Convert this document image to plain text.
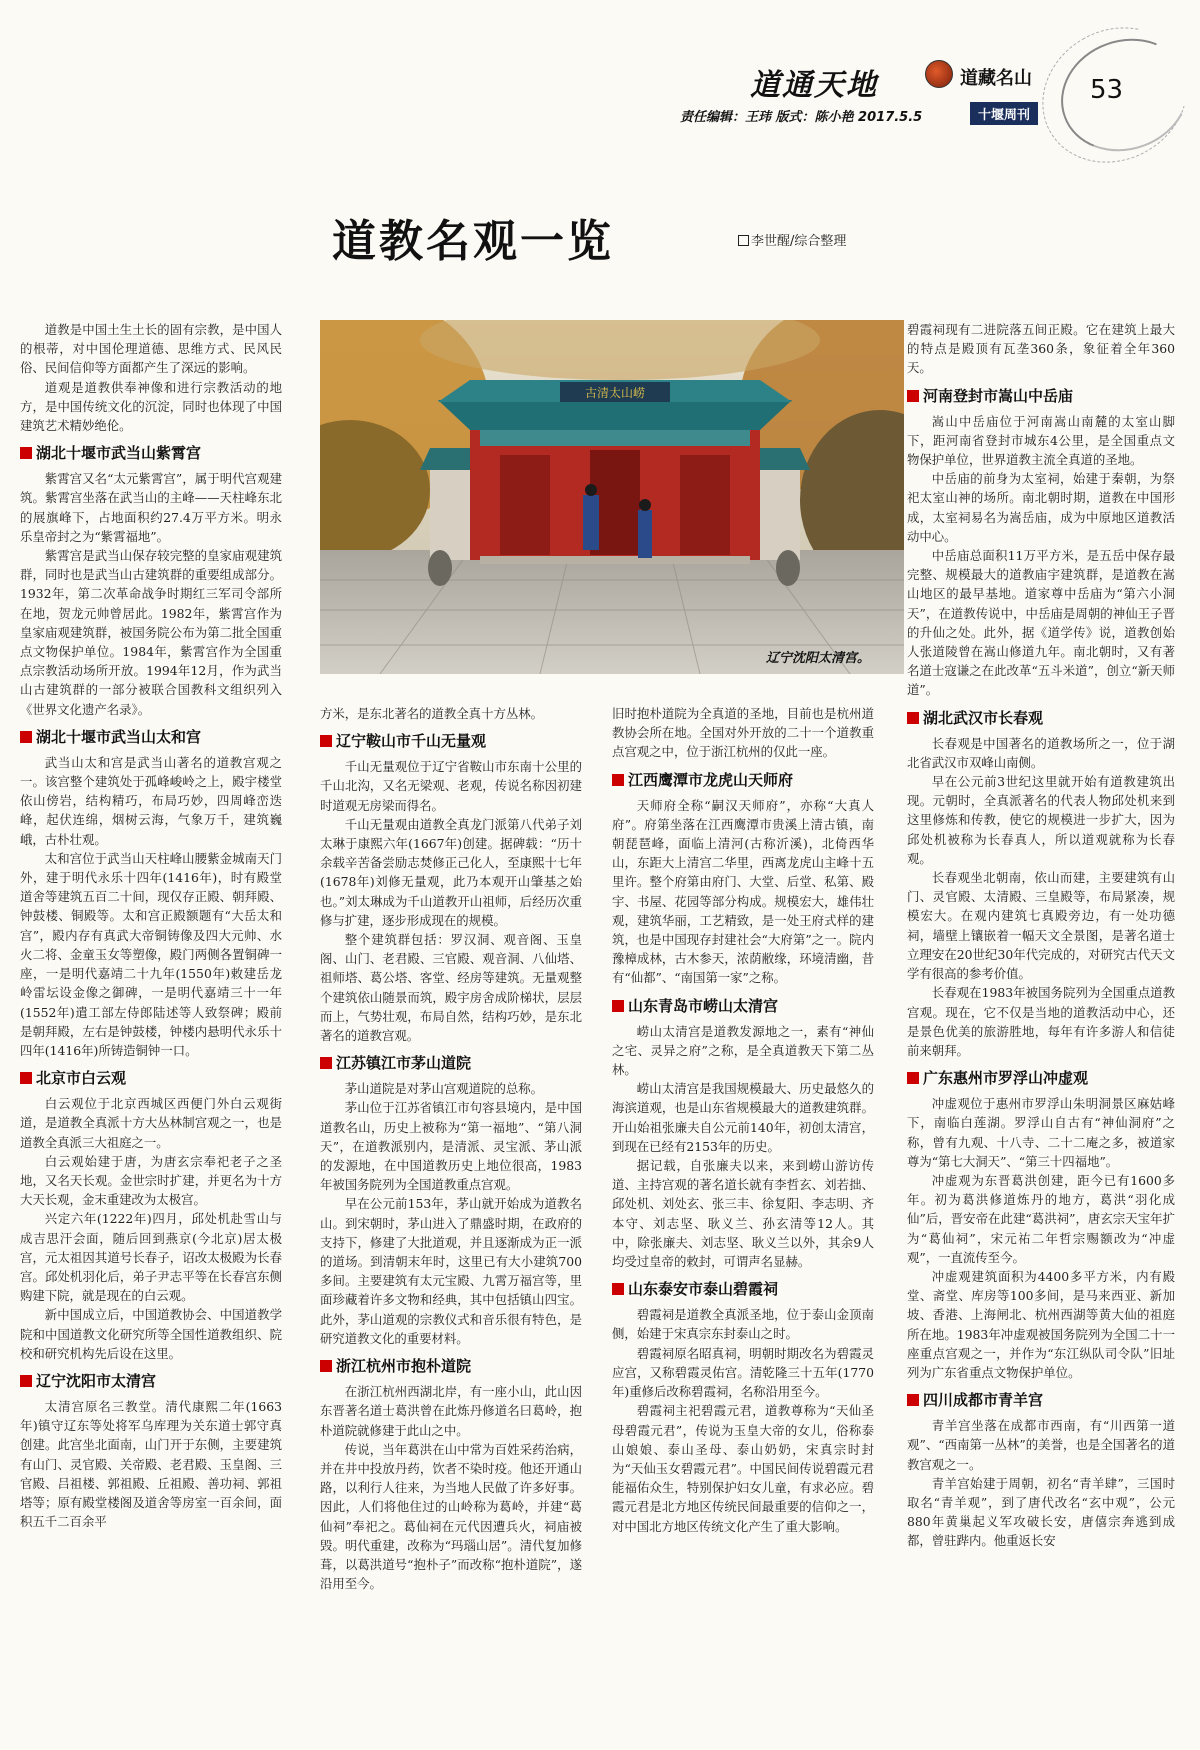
道通天地	道藏名山
责任编辑：王玮 版式：陈小艳 2017.5.5	十堰周刊
53
道教名观一览	李世醒/综合整理
古清太山崂
辽宁沈阳太清宫。

道教是中国土生土长的固有宗教，是中国人的根蒂，对中国伦理道德、思维方式、民风民俗、民间信仰等方面都产生了深远的影响。

道观是道教供奉神像和进行宗教活动的地方，是中国传统文化的沉淀，同时也体现了中国建筑艺术精妙绝伦。

湖北十堰市武当山紫霄宫

紫霄宫又名“太元紫霄宫”，属于明代宫观建筑。紫霄宫坐落在武当山的主峰——天柱峰东北的展旗峰下，占地面积约27.4万平方米。明永乐皇帝封之为“紫霄福地”。

紫霄宫是武当山保存较完整的皇家庙观建筑群，同时也是武当山古建筑群的重要组成部分。1932年，第二次革命战争时期红三军司令部所在地，贺龙元帅曾居此。1982年，紫霄宫作为皇家庙观建筑群，被国务院公布为第二批全国重点文物保护单位。1984年，紫霄宫作为全国重点宗教活动场所开放。1994年12月，作为武当山古建筑群的一部分被联合国教科文组织列入《世界文化遗产名录》。

湖北十堰市武当山太和宫

武当山太和宫是武当山著名的道教宫观之一。该宫整个建筑处于孤峰峻岭之上，殿宇楼堂依山傍岩，结构精巧，布局巧妙，四周峰峦迭峰，起伏连绵，烟树云海，气象万千，建筑巍峨，古朴壮观。

太和宫位于武当山天柱峰山腰紫金城南天门外，建于明代永乐十四年(1416年)，时有殿堂道舍等建筑五百二十间，现仅存正殿、朝拜殿、钟鼓楼、铜殿等。太和宫正殿额题有“大岳太和宫”，殿内存有真武大帝铜铸像及四大元帅、水火二将、金童玉女等塑像，殿门两侧各置铜碑一座，一是明代嘉靖二十九年(1550年)敕建岳龙岭雷坛设金像之御碑，一是明代嘉靖三十一年(1552年)遣工部左侍郎陆述等人致祭碑；殿前是朝拜殿，左右是钟鼓楼，钟楼内悬明代永乐十四年(1416年)所铸造铜钟一口。

北京市白云观

白云观位于北京西城区西便门外白云观街道，是道教全真派十方大丛林制宫观之一，也是道教全真派三大祖庭之一。

白云观始建于唐，为唐玄宗奉祀老子之圣地，又名天长观。金世宗时扩建，并更名为十方大天长观，金末重建改为太极宫。

兴定六年(1222年)四月，邱处机赴雪山与成吉思汗会面，随后回到燕京(今北京)居太极宫，元太祖因其道号长春子，诏改太极殿为长春宫。邱处机羽化后，弟子尹志平等在长春宫东侧购建下院，就是现在的白云观。

新中国成立后，中国道教协会、中国道教学院和中国道教文化研究所等全国性道教组织、院校和研究机构先后设在这里。

辽宁沈阳市太清宫

太清宫原名三教堂。清代康熙二年(1663年)镇守辽东等处将军乌库理为关东道士郭守真创建。此宫坐北面南，山门开于东侧，主要建筑有山门、灵官殿、关帝殿、老君殿、玉皇阁、三官殿、吕祖楼、郭祖殿、丘祖殿、善功祠、郭祖塔等；原有殿堂楼阁及道舍等房室一百余间，面积五千二百余平

方米，是东北著名的道教全真十方丛林。

辽宁鞍山市千山无量观

千山无量观位于辽宁省鞍山市东南十公里的千山北沟，又名无梁观、老观，传说名称因初建时道观无房梁而得名。

千山无量观由道教全真龙门派第八代弟子刘太琳于康熙六年(1667年)创建。据碑载：“历十余载辛苦备尝励志焚修正己化人，至康熙十七年(1678年)刘修无量观，此乃本观开山肇基之始也。”刘太琳成为千山道教开山祖师，后经历次重修与扩建，逐步形成现在的规模。

整个建筑群包括：罗汉洞、观音阁、玉皇阁、山门、老君殿、三官殿、观音洞、八仙塔、祖师塔、葛公塔、客堂、经房等建筑。无量观整个建筑依山随景而筑，殿宇房舍成阶梯状，层层而上，气势壮观，布局自然，结构巧妙，是东北著名的道教宫观。

江苏镇江市茅山道院

茅山道院是对茅山宫观道院的总称。

茅山位于江苏省镇江市句容县境内，是中国道教名山，历史上被称为“第一福地”、“第八洞天”，在道教派别内，是清派、灵宝派、茅山派的发源地，在中国道教历史上地位很高，1983年被国务院列为全国道教重点宫观。

早在公元前153年，茅山就开始成为道教名山。到宋朝时，茅山进入了鼎盛时期，在政府的支持下，修建了大批道观，并且逐渐成为正一派的道场。到清朝末年时，这里已有大小建筑700多间。主要建筑有太元宝殿、九霄万福宫等，里面珍藏着许多文物和经典，其中包括镇山四宝。此外，茅山道观的宗教仪式和音乐很有特色，是研究道教文化的重要材料。

浙江杭州市抱朴道院

在浙江杭州西湖北岸，有一座小山，此山因东晋著名道士葛洪曾在此炼丹修道名曰葛岭，抱朴道院就修建于此山之中。

传说，当年葛洪在山中常为百姓采药治病，并在井中投放丹药，饮者不染时疫。他还开通山路，以利行人往来，为当地人民做了许多好事。因此，人们将他住过的山岭称为葛岭，并建“葛仙祠”奉祀之。葛仙祠在元代因遭兵火，祠庙被毁。明代重建，改称为“玛瑙山居”。清代复加修葺，以葛洪道号“抱朴子”而改称“抱朴道院”，遂沿用至今。

旧时抱朴道院为全真道的圣地，目前也是杭州道教协会所在地。全国对外开放的二十一个道教重点宫观之中，位于浙江杭州的仅此一座。

江西鹰潭市龙虎山天师府

天师府全称“嗣汉天师府”，亦称“大真人府”。府第坐落在江西鹰潭市贵溪上清古镇，南朝琵琶峰，面临上清河(古称沂溪)，北倚西华山，东距大上清宫二华里，西离龙虎山主峰十五里许。整个府第由府门、大堂、后堂、私第、殿宇、书屋、花园等部分构成。规模宏大，雄伟壮观，建筑华丽，工艺精致，是一处王府式样的建筑，也是中国现存封建社会“大府第”之一。院内豫樟成林，古木参天，浓荫敝缘，环境清幽，昔有“仙都”、“南国第一家”之称。

山东青岛市崂山太清宫

崂山太清宫是道教发源地之一，素有“神仙之宅、灵异之府”之称，是全真道教天下第二丛林。

崂山太清宫是我国规模最大、历史最悠久的海滨道观，也是山东省规模最大的道教建筑群。开山始祖张廉夫自公元前140年，初创太清宫，到现在已经有2153年的历史。

据记载，自张廉夫以来，来到崂山游访传道、主持宫观的著名道长就有李哲玄、刘若拙、邱处机、刘处玄、张三丰、徐复阳、李志明、齐本守、刘志坚、耿义兰、孙玄清等12人。其中，除张廉夫、刘志坚、耿义兰以外，其余9人均受过皇帝的敕封，可谓声名显赫。

山东泰安市泰山碧霞祠

碧霞祠是道教全真派圣地，位于泰山金顶南侧，始建于宋真宗东封泰山之时。

碧霞祠原名昭真祠，明朝时期改名为碧霞灵应宫，又称碧霞灵佑宫。清乾隆三十五年(1770年)重修后改称碧霞祠，名称沿用至今。

碧霞祠主祀碧霞元君，道教尊称为“天仙圣母碧霞元君”，传说为玉皇大帝的女儿，俗称泰山娘娘、泰山圣母、泰山奶奶，宋真宗时封为“天仙玉女碧霞元君”。中国民间传说碧霞元君能福佑众生，特别保护妇女儿童，有求必应。碧霞元君是北方地区传统民间最重要的信仰之一，对中国北方地区传统文化产生了重大影响。

碧霞祠现有二进院落五间正殿。它在建筑上最大的特点是殿顶有瓦垄360条，象征着全年360天。

河南登封市嵩山中岳庙

嵩山中岳庙位于河南嵩山南麓的太室山脚下，距河南省登封市城东4公里，是全国重点文物保护单位，世界道教主流全真道的圣地。

中岳庙的前身为太室祠，始建于秦朝，为祭祀太室山神的场所。南北朝时期，道教在中国形成，太室祠易名为嵩岳庙，成为中原地区道教活动中心。

中岳庙总面积11万平方米，是五岳中保存最完整、规模最大的道教庙宇建筑群，是道教在嵩山地区的最早基地。道家尊中岳庙为“第六小洞天”，在道教传说中，中岳庙是周朝的神仙王子晋的升仙之处。此外，据《道学传》说，道教创始人张道陵曾在嵩山修道九年。南北朝时，又有著名道士寇谦之在此改革“五斗米道”，创立“新天师道”。

湖北武汉市长春观

长春观是中国著名的道教场所之一，位于湖北省武汉市双峰山南侧。

早在公元前3世纪这里就开始有道教建筑出现。元朝时，全真派著名的代表人物邱处机来到这里修炼和传教，使它的规模进一步扩大，因为邱处机被称为长春真人，所以道观就称为长春观。

长春观坐北朝南，依山而建，主要建筑有山门、灵官殿、太清殿、三皇殿等，布局紧凑，规模宏大。在观内建筑七真殿旁边，有一处功德祠，墙壁上镶嵌着一幅天文全景图，是著名道士立理安在20世纪30年代完成的，对研究古代天文学有很高的参考价值。

长春观在1983年被国务院列为全国重点道教宫观。现在，它不仅是当地的道教活动中心，还是景色优美的旅游胜地，每年有许多游人和信徒前来朝拜。

广东惠州市罗浮山冲虚观

冲虚观位于惠州市罗浮山朱明洞景区麻姑峰下，南临白莲湖。罗浮山自古有“神仙洞府”之称，曾有九观、十八寺、二十二庵之多，被道家尊为“第七大洞天”、“第三十四福地”。

冲虚观为东晋葛洪创建，距今已有1600多年。初为葛洪修道炼丹的地方，葛洪“羽化成仙”后，晋安帝在此建“葛洪祠”，唐玄宗天宝年扩为“葛仙祠”，宋元祐二年哲宗赐额改为“冲虚观”，一直流传至今。

冲虚观建筑面积为4400多平方米，内有殿堂、斋堂、库房等100多间，是马来西亚、新加坡、香港、上海闸北、杭州西湖等黄大仙的祖庭所在地。1983年冲虚观被国务院列为全国二十一座重点宫观之一，并作为“东江纵队司令队”旧址列为广东省重点文物保护单位。

四川成都市青羊宫

青羊宫坐落在成都市西南，有“川西第一道观”、“西南第一丛林”的美誉，也是全国著名的道教宫观之一。

青羊宫始建于周朝，初名“青羊肆”，三国时取名“青羊观”，到了唐代改名“玄中观”，公元880年黄巢起义军攻破长安，唐僖宗奔逃到成都，曾驻跸内。他重返长安
